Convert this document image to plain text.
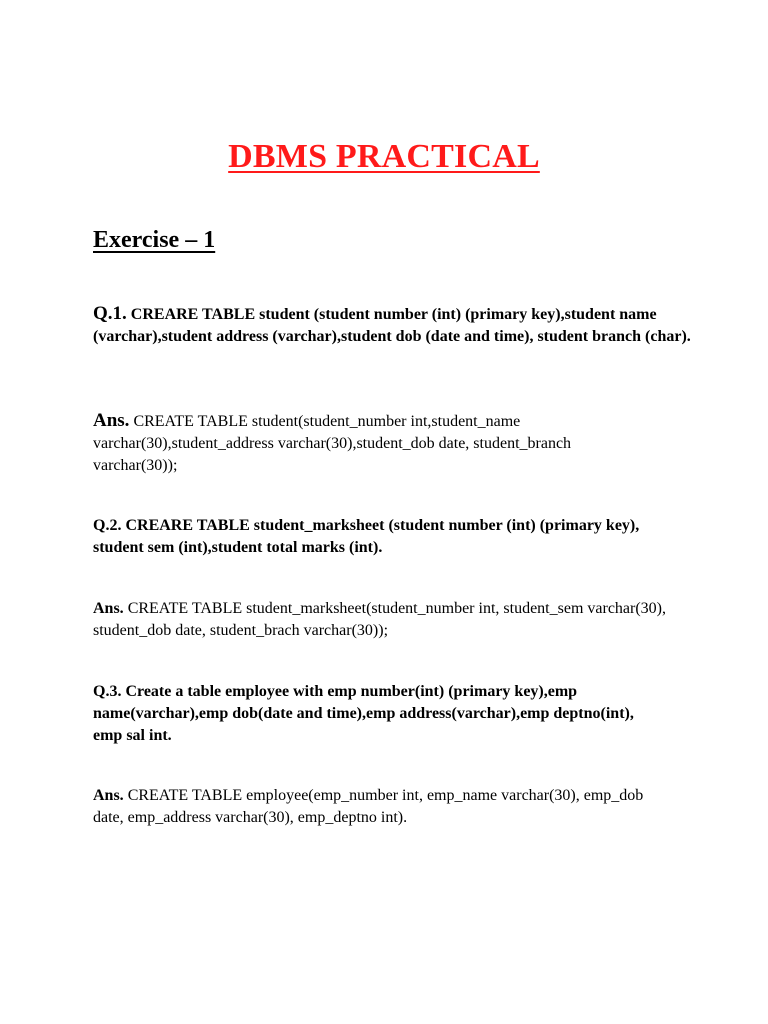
DBMS PRACTICAL
Exercise – 1
Q.1. CREARE TABLE student (student number (int) (primary key),student name (varchar),student address (varchar),student dob (date and time), student branch (char).
Ans. CREATE TABLE student(student_number int,student_name varchar(30),student_address varchar(30),student_dob date, student_branch varchar(30));
Q.2. CREARE TABLE student_marksheet (student number (int) (primary key), student sem (int),student total marks (int).
Ans. CREATE TABLE student_marksheet(student_number int, student_sem varchar(30), student_dob date, student_brach varchar(30));
Q.3. Create a table employee with emp number(int) (primary key),emp name(varchar),emp dob(date and time),emp address(varchar),emp deptno(int), emp sal int.
Ans. CREATE TABLE employee(emp_number int, emp_name varchar(30), emp_dob date, emp_address varchar(30), emp_deptno int).
